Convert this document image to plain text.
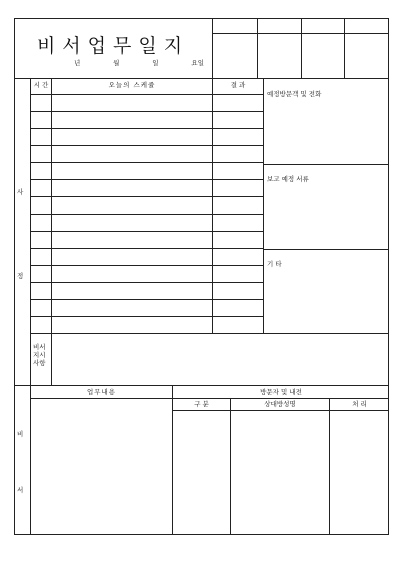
비서업무일지
년	월	일	요일
사
정
시 간	오늘의 스케쥴	결 과
예정방문객 및 전화
보고 예정 서류
기 타
비서
지시
사항
비
서
업무내용	방문자 및 내전
구 분	상대방성명	처 리
